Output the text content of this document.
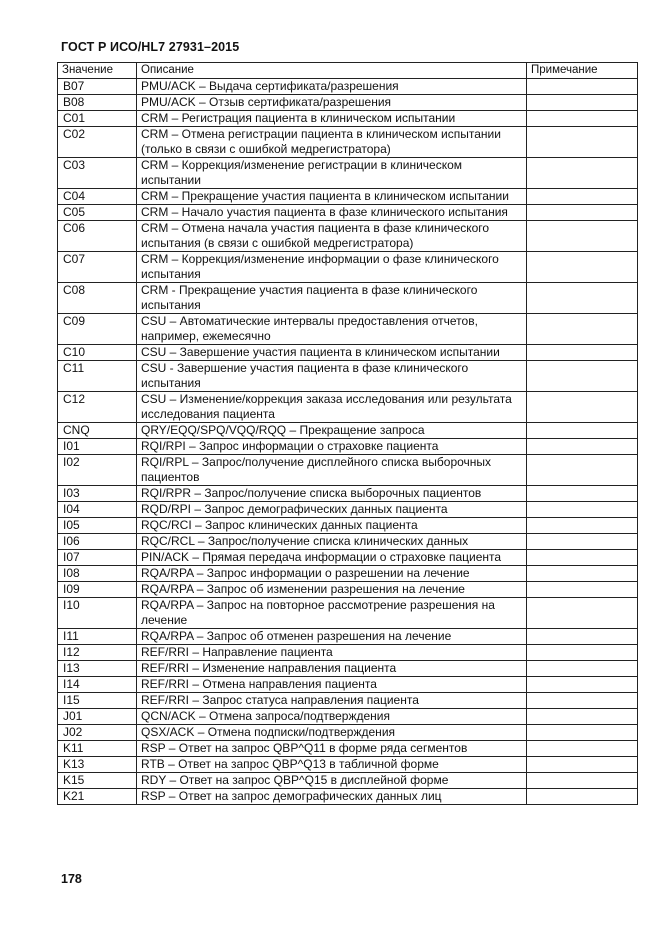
ГОСТ Р ИСО/HL7 27931–2015
Значение	Описание	Примечание
B07	PMU/ACK – Выдача сертификата/разрешения	
B08	PMU/ACK – Отзыв сертификата/разрешения	
C01	CRM – Регистрация пациента в клиническом испытании	
C02	CRM – Отмена регистрации пациента в клиническом испытании (только в связи с ошибкой медрегистратора)	
C03	CRM – Коррекция/изменение регистрации в клиническом испытании	
C04	CRM – Прекращение участия пациента в клиническом испытании	
C05	CRM – Начало участия пациента в фазе клинического испытания	
C06	CRM – Отмена начала участия пациента в фазе клинического испытания (в связи с ошибкой медрегистратора)	
C07	CRM – Коррекция/изменение информации о фазе клинического испытания	
C08	CRM - Прекращение участия пациента в фазе клинического испытания	
C09	CSU – Автоматические интервалы предоставления отчетов, например, ежемесячно	
C10	CSU – Завершение участия пациента в клиническом испытании	
C11	CSU - Завершение участия пациента в фазе клинического испытания	
C12	CSU – Изменение/коррекция заказа исследования или результата исследования пациента	
CNQ	QRY/EQQ/SPQ/VQQ/RQQ – Прекращение запроса	
I01	RQI/RPI – Запрос информации о страховке пациента	
I02	RQI/RPL – Запрос/получение дисплейного списка выборочных пациентов	
I03	RQI/RPR – Запрос/получение списка выборочных пациентов	
I04	RQD/RPI – Запрос демографических данных пациента	
I05	RQC/RCI – Запрос клинических данных пациента	
I06	RQC/RCL – Запрос/получение списка клинических данных	
I07	PIN/ACK – Прямая передача информации о страховке пациента	
I08	RQA/RPA – Запрос информации о разрешении на лечение	
I09	RQA/RPA – Запрос об изменении разрешения на лечение	
I10	RQA/RPA – Запрос на повторное рассмотрение разрешения на лечение	
I11	RQA/RPA – Запрос об отменен разрешения на лечение	
I12	REF/RRI – Направление пациента	
I13	REF/RRI – Изменение направления пациента	
I14	REF/RRI – Отмена направления пациента	
I15	REF/RRI – Запрос статуса направления пациента	
J01	QCN/ACK – Отмена запроса/подтверждения	
J02	QSX/ACK – Отмена подписки/подтверждения	
K11	RSP – Ответ на запрос QBP^Q11 в форме ряда сегментов	
K13	RTB – Ответ на запрос QBP^Q13 в табличной форме	
K15	RDY – Ответ на запрос QBP^Q15 в дисплейной форме	
K21	RSP – Ответ на запрос демографических данных лиц	
178
